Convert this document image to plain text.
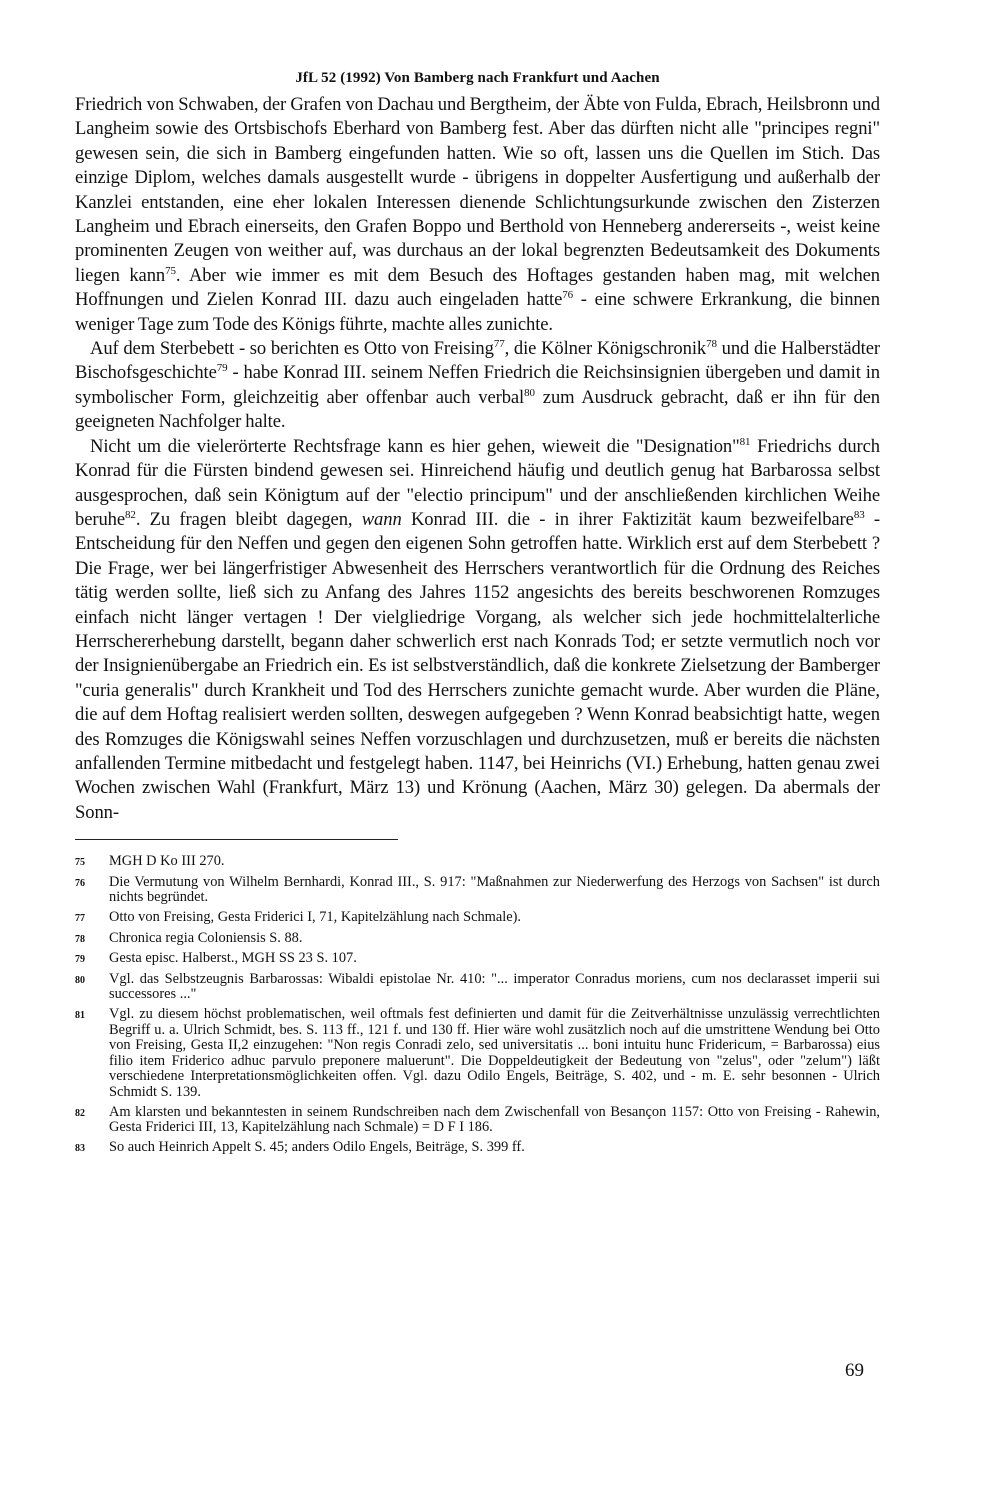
JfL 52 (1992) Von Bamberg nach Frankfurt und Aachen

Friedrich von Schwaben, der Grafen von Dachau und Bergtheim, der Äbte von Fulda, Ebrach, Heilsbronn und Langheim sowie des Ortsbischofs Eberhard von Bamberg fest. Aber das dürften nicht alle "principes regni" gewesen sein, die sich in Bamberg eingefunden hatten. Wie so oft, lassen uns die Quellen im Stich. Das einzige Diplom, welches damals ausgestellt wurde - übrigens in doppelter Ausfertigung und außerhalb der Kanzlei entstanden, eine eher lokalen Interessen dienende Schlichtungsurkunde zwischen den Zisterzen Langheim und Ebrach einerseits, den Grafen Boppo und Berthold von Henneberg andererseits -, weist keine prominenten Zeugen von weither auf, was durchaus an der lokal begrenzten Bedeutsamkeit des Dokuments liegen kann$^{75}$. Aber wie immer es mit dem Besuch des Hoftages gestanden haben mag, mit welchen Hoffnungen und Zielen Konrad III. dazu auch eingeladen hatte$^{76}$ - eine schwere Erkrankung, die binnen weniger Tage zum Tode des Königs führte, machte alles zunichte.

Auf dem Sterbebett - so berichten es Otto von Freising$^{77}$, die Kölner Königschronik$^{78}$ und die Halberstädter Bischofsgeschichte$^{79}$ - habe Konrad III. seinem Neffen Friedrich die Reichsinsignien übergeben und damit in symbolischer Form, gleichzeitig aber offenbar auch verbal$^{80}$ zum Ausdruck gebracht, daß er ihn für den geeigneten Nachfolger halte.

Nicht um die vielerörterte Rechtsfrage kann es hier gehen, wieweit die "Designation"$^{81}$ Friedrichs durch Konrad für die Fürsten bindend gewesen sei. Hinreichend häufig und deutlich genug hat Barbarossa selbst ausgesprochen, daß sein Königtum auf der "electio principum" und der anschließenden kirchlichen Weihe beruhe$^{82}$. Zu fragen bleibt dagegen, wann Konrad III. die - in ihrer Faktizität kaum bezweifelbare$^{83}$ - Entscheidung für den Neffen und gegen den eigenen Sohn getroffen hatte. Wirklich erst auf dem Sterbebett ? Die Frage, wer bei längerfristiger Abwesenheit des Herrschers verantwortlich für die Ordnung des Reiches tätig werden sollte, ließ sich zu Anfang des Jahres 1152 angesichts des bereits beschworenen Romzuges einfach nicht länger vertagen ! Der vielgliedrige Vorgang, als welcher sich jede hochmittelalterliche Herrschererhebung darstellt, begann daher schwerlich erst nach Konrads Tod; er setzte vermutlich noch vor der Insignienübergabe an Friedrich ein. Es ist selbstverständlich, daß die konkrete Zielsetzung der Bamberger "curia generalis" durch Krankheit und Tod des Herrschers zunichte gemacht wurde. Aber wurden die Pläne, die auf dem Hoftag realisiert werden sollten, deswegen aufgegeben ? Wenn Konrad beabsichtigt hatte, wegen des Romzuges die Königswahl seines Neffen vorzuschlagen und durchzusetzen, muß er bereits die nächsten anfallenden Termine mitbedacht und festgelegt haben. 1147, bei Heinrichs (VI.) Erhebung, hatten genau zwei Wochen zwischen Wahl (Frankfurt, März 13) und Krönung (Aachen, März 30) gelegen. Da abermals der Sonn-

75	MGH D Ko III 270.
76	Die Vermutung von Wilhelm Bernhardi, Konrad III., S. 917: "Maßnahmen zur Niederwerfung des Herzogs von Sachsen" ist durch nichts begründet.
77	Otto von Freising, Gesta Friderici I, 71, Kapitelzählung nach Schmale).
78	Chronica regia Coloniensis S. 88.
79	Gesta episc. Halberst., MGH SS 23 S. 107.
80	Vgl. das Selbstzeugnis Barbarossas: Wibaldi epistolae Nr. 410: "... imperator Conradus moriens, cum nos declarasset imperii sui successores ..."
81	Vgl. zu diesem höchst problematischen, weil oftmals fest definierten und damit für die Zeitverhältnisse unzulässig verrechtlichten Begriff u. a. Ulrich Schmidt, bes. S. 113 ff., 121 f. und 130 ff. Hier wäre wohl zusätzlich noch auf die umstrittene Wendung bei Otto von Freising, Gesta II,2 einzugehen: "Non regis Conradi zelo, sed universitatis ... boni intuitu hunc Fridericum, = Barbarossa) eius filio item Friderico adhuc parvulo preponere maluerunt". Die Doppeldeutigkeit der Bedeutung von "zelus", oder "zelum") läßt verschiedene Interpretationsmöglichkeiten offen. Vgl. dazu Odilo Engels, Beiträge, S. 402, und - m. E. sehr besonnen - Ulrich Schmidt S. 139.
82	Am klarsten und bekanntesten in seinem Rundschreiben nach dem Zwischenfall von Besançon 1157: Otto von Freising - Rahewin, Gesta Friderici III, 13, Kapitelzählung nach Schmale) = D F I 186.
83	So auch Heinrich Appelt S. 45; anders Odilo Engels, Beiträge, S. 399 ff.
69
